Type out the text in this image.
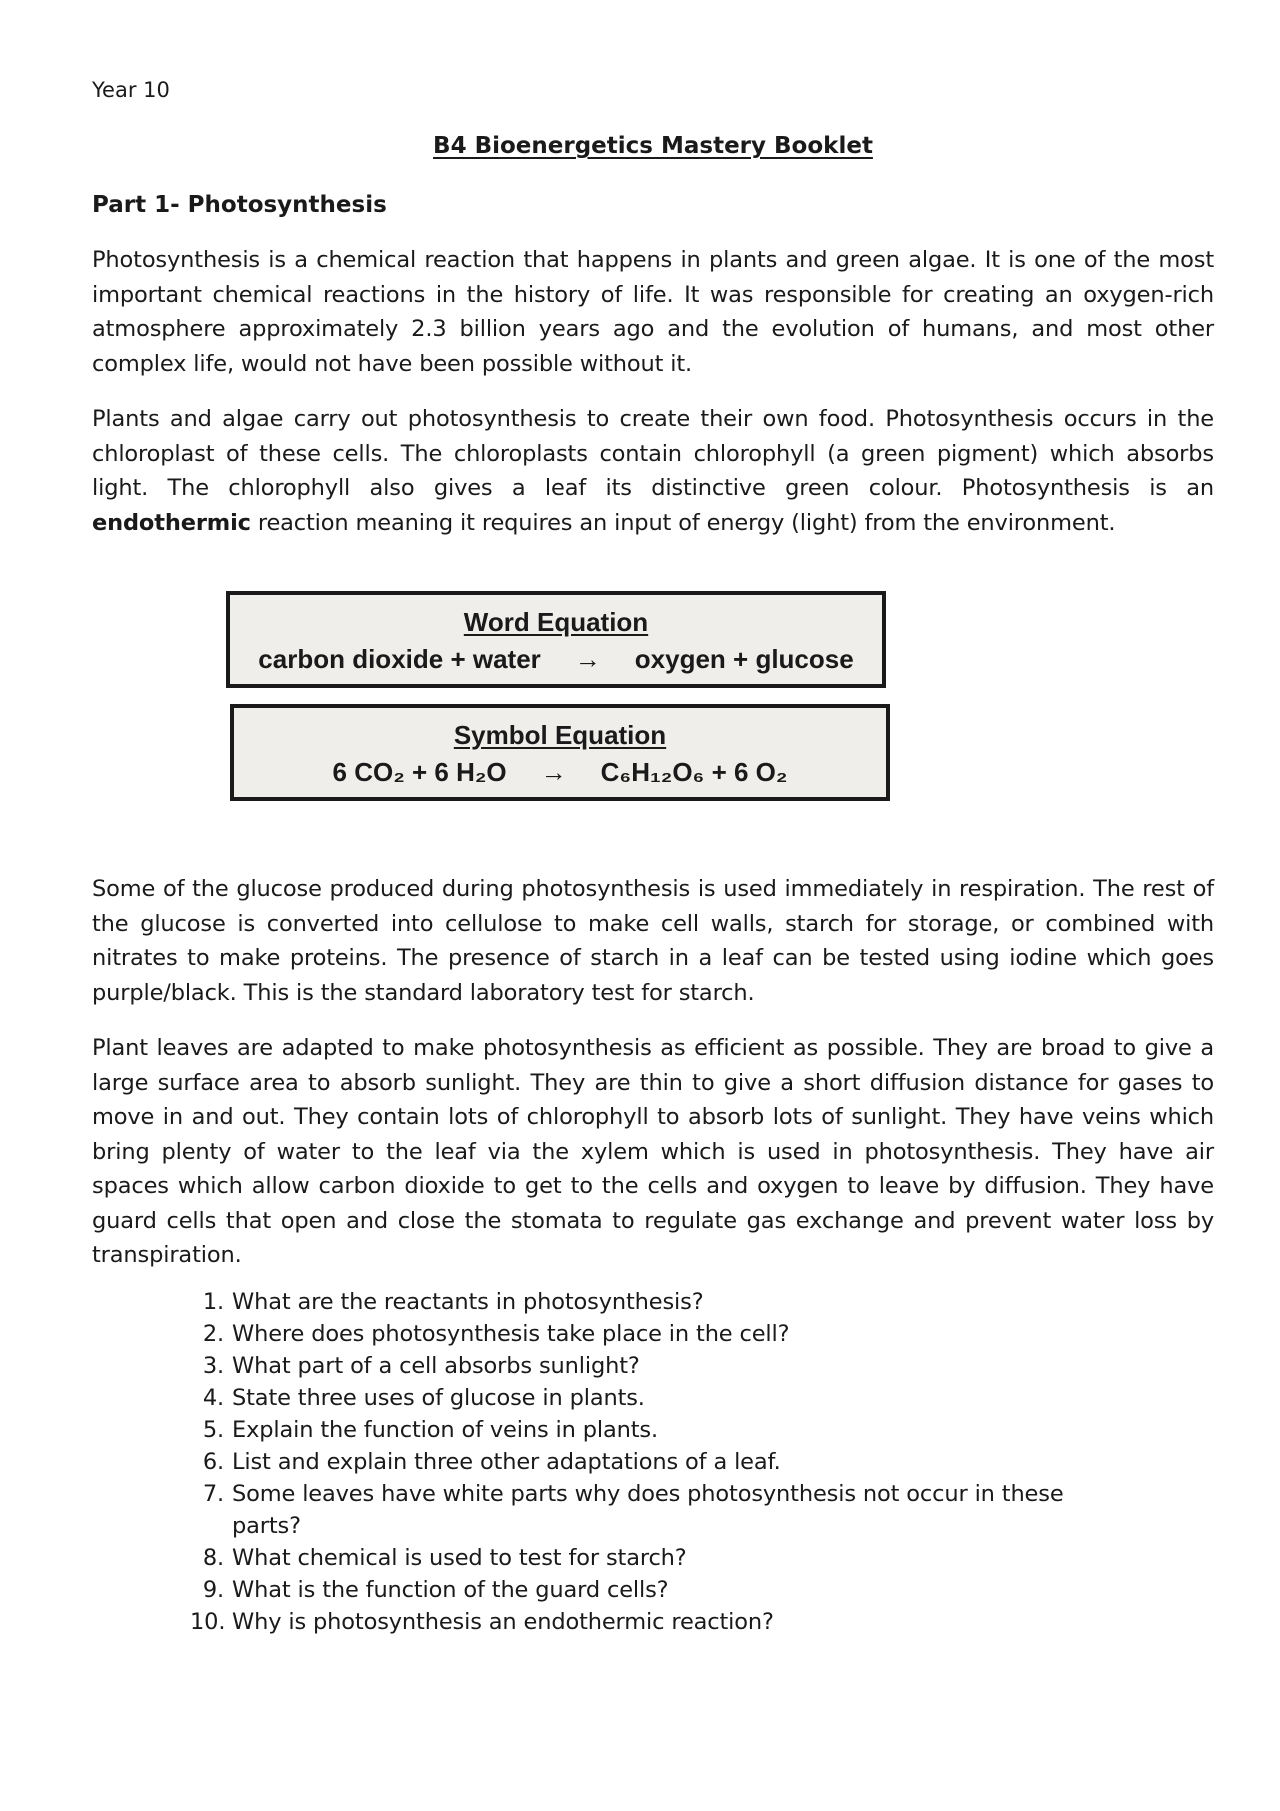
Year 10
B4 Bioenergetics Mastery Booklet
Part 1- Photosynthesis

Photosynthesis is a chemical reaction that happens in plants and green algae. It is one of the most important chemical reactions in the history of life. It was responsible for creating an oxygen-rich atmosphere approximately 2.3 billion years ago and the evolution of humans, and most other complex life, would not have been possible without it.

Plants and algae carry out photosynthesis to create their own food. Photosynthesis occurs in the chloroplast of these cells. The chloroplasts contain chlorophyll (a green pigment) which absorbs light. The chlorophyll also gives a leaf its distinctive green colour. Photosynthesis is an endothermic reaction meaning it requires an input of energy (light) from the environment.

Word Equation
carbon dioxide + water → oxygen + glucose
Symbol Equation
6 CO₂ + 6 H₂O → C₆H₁₂O₆ + 6 O₂

Some of the glucose produced during photosynthesis is used immediately in respiration. The rest of the glucose is converted into cellulose to make cell walls, starch for storage, or combined with nitrates to make proteins. The presence of starch in a leaf can be tested using iodine which goes purple/black. This is the standard laboratory test for starch.

Plant leaves are adapted to make photosynthesis as efficient as possible. They are broad to give a large surface area to absorb sunlight. They are thin to give a short diffusion distance for gases to move in and out. They contain lots of chlorophyll to absorb lots of sunlight. They have veins which bring plenty of water to the leaf via the xylem which is used in photosynthesis. They have air spaces which allow carbon dioxide to get to the cells and oxygen to leave by diffusion. They have guard cells that open and close the stomata to regulate gas exchange and prevent water loss by transpiration.

1. What are the reactants in photosynthesis?
2. Where does photosynthesis take place in the cell?
3. What part of a cell absorbs sunlight?
4. State three uses of glucose in plants.
5. Explain the function of veins in plants.
6. List and explain three other adaptations of a leaf.
7. Some leaves have white parts why does photosynthesis not occur in these parts?
8. What chemical is used to test for starch?
9. What is the function of the guard cells?
10. Why is photosynthesis an endothermic reaction?
